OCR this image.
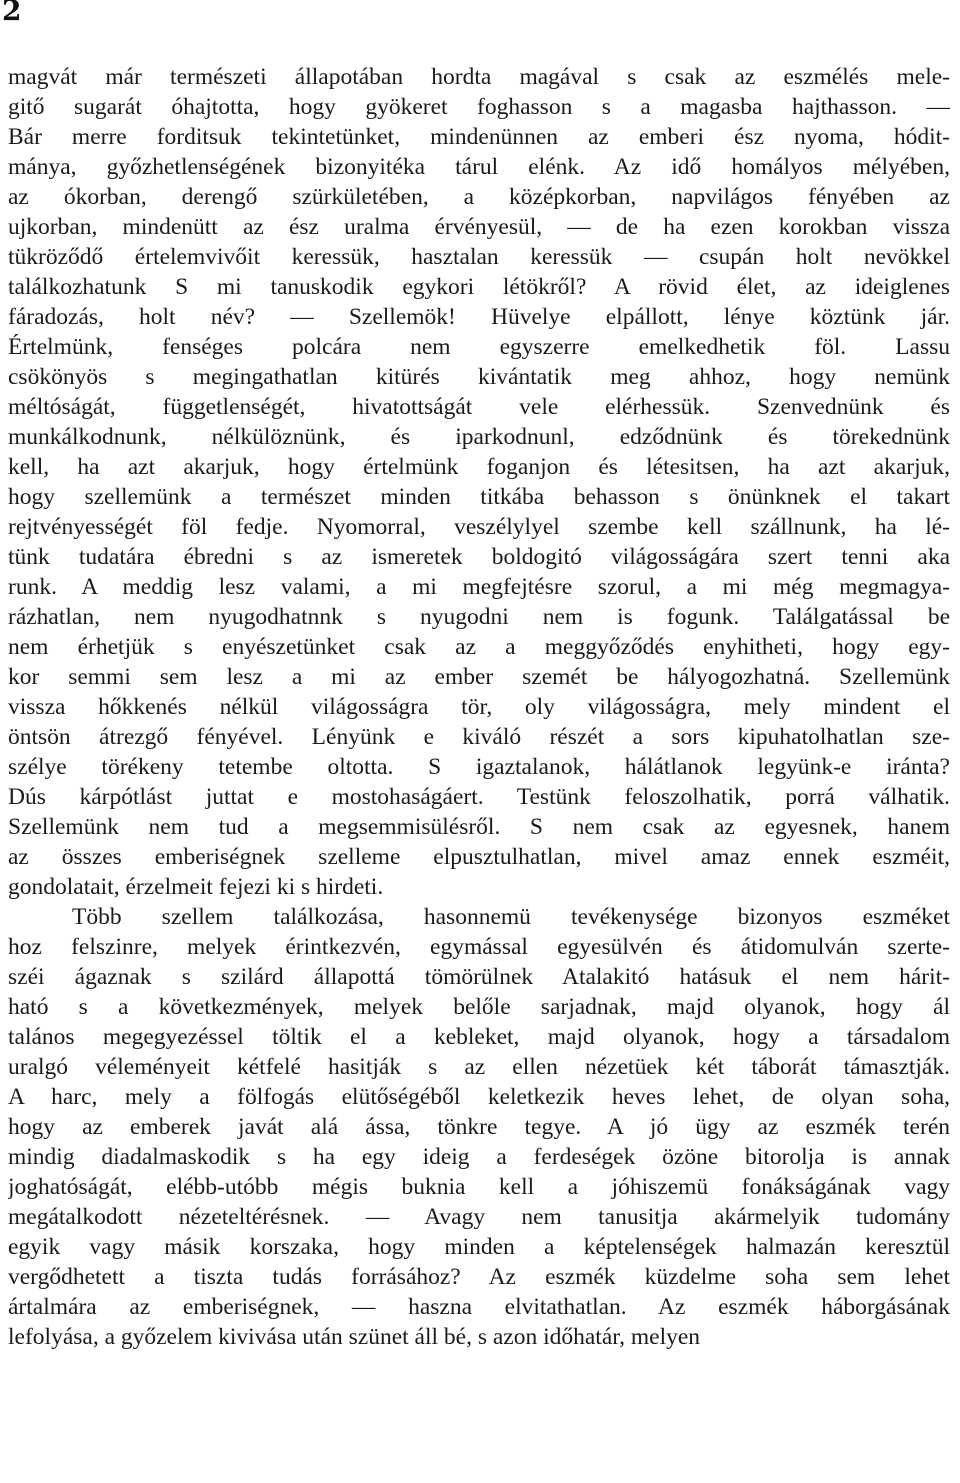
2
magvát már természeti állapotában hordta magával s csak az eszmélés mele-
gitő sugarát óhajtotta, hogy gyökeret foghasson s a magasba hajthasson. —
Bár merre forditsuk tekintetünket, mindenünnen az emberi ész nyoma, hódit-
mánya, győzhetlenségének bizonyitéka tárul elénk. Az idő homályos mélyében,
az ókorban, derengő szürkületében, a középkorban, napvilágos fényében az
ujkorban, mindenütt az ész uralma érvényesül, — de ha ezen korokban vissza
tükröződő értelemvivőit keressük, hasztalan keressük — csupán holt nevökkel
találkozhatunk S mi tanuskodik egykori létökről? A rövid élet, az ideiglenes
fáradozás, holt név? — Szellemök! Hüvelye elpállott, lénye köztünk jár.
Értelmünk, fenséges polcára nem egyszerre emelkedhetik föl. Lassu
csökönyös s megingathatlan kitürés kivántatik meg ahhoz, hogy nemünk
méltóságát, függetlenségét, hivatottságát vele elérhessük. Szenvednünk és
munkálkodnunk, nélkülöznünk, és iparkodnunl, edződnünk és törekednünk
kell, ha azt akarjuk, hogy értelmünk foganjon és létesitsen, ha azt akarjuk,
hogy szellemünk a természet minden titkába behasson s önünknek el takart
rejtvényességét föl fedje. Nyomorral, veszélylyel szembe kell szállnunk, ha lé-
tünk tudatára ébredni s az ismeretek boldogitó világosságára szert tenni aka
runk. A meddig lesz valami, a mi megfejtésre szorul, a mi még megmagya-
rázhatlan, nem nyugodhatnnk s nyugodni nem is fogunk. Találgatással be
nem érhetjük s enyészetünket csak az a meggyőződés enyhitheti, hogy egy-
kor semmi sem lesz a mi az ember szemét be hályogozhatná. Szellemünk
vissza hőkkenés nélkül világosságra tör, oly világosságra, mely mindent el
öntsön átrezgő fényével. Lényünk e kiváló részét a sors kipuhatolhatlan sze-
szélye törékeny tetembe oltotta. S igaztalanok, hálátlanok legyünk-e iránta?
Dús kárpótlást juttat e mostohaságáert. Testünk feloszolhatik, porrá válhatik.
Szellemünk nem tud a megsemmisülésről. S nem csak az egyesnek, hanem
az összes emberiségnek szelleme elpusztulhatlan, mivel amaz ennek eszméit,
gondolatait, érzelmeit fejezi ki s hirdeti.
Több szellem találkozása, hasonnemü tevékenysége bizonyos eszméket
hoz felszinre, melyek érintkezvén, egymással egyesülvén és átidomulván szerte-
széi ágaznak s szilárd állapottá tömörülnek Atalakitó hatásuk el nem hárit-
ható s a következmények, melyek belőle sarjadnak, majd olyanok, hogy ál
talános megegyezéssel töltik el a kebleket, majd olyanok, hogy a társadalom
uralgó véleményeit kétfelé hasitják s az ellen nézetüek két táborát támasztják.
A harc, mely a fölfogás elütőségéből keletkezik heves lehet, de olyan soha,
hogy az emberek javát alá ássa, tönkre tegye. A jó ügy az eszmék terén
mindig diadalmaskodik s ha egy ideig a ferdeségek özöne bitorolja is annak
joghatóságát, elébb-utóbb mégis buknia kell a jóhiszemü fonákságának vagy
megátalkodott nézeteltérésnek. — Avagy nem tanusitja akármelyik tudomány
egyik vagy másik korszaka, hogy minden a képtelenségek halmazán keresztül
vergődhetett a tiszta tudás forrásához? Az eszmék küzdelme soha sem lehet
ártalmára az emberiségnek, — haszna elvitathatlan. Az eszmék háborgásának
lefolyása, a győzelem kivivása után szünet áll bé, s azon időhatár, melyen
